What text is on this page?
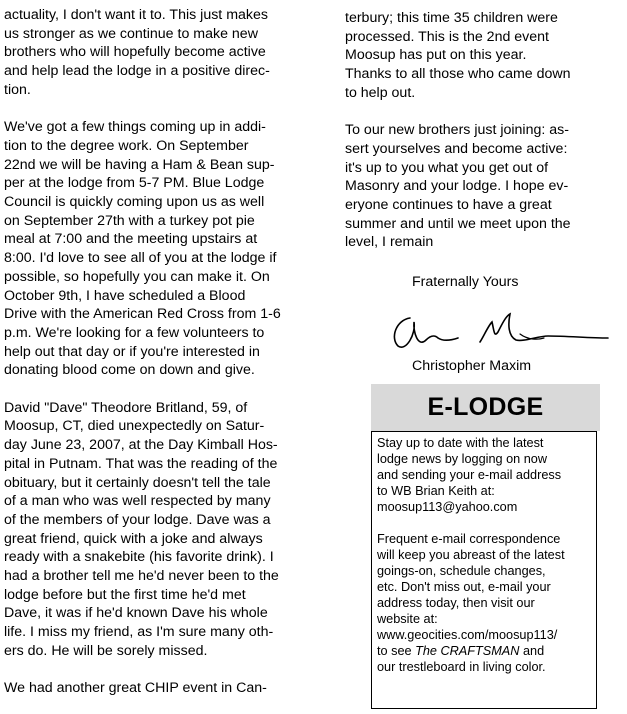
actuality, I don't want it to. This just makes
us stronger as we continue to make new
brothers who will hopefully become active
and help lead the lodge in a positive direc-
tion.

We've got a few things coming up in addi-
tion to the degree work. On September
22nd we will be having a Ham & Bean sup-
per at the lodge from 5-7 PM. Blue Lodge
Council is quickly coming upon us as well
on September 27th with a turkey pot pie
meal at 7:00 and the meeting upstairs at
8:00. I'd love to see all of you at the lodge if
possible, so hopefully you can make it. On
October 9th, I have scheduled a Blood
Drive with the American Red Cross from 1-6
p.m. We're looking for a few volunteers to
help out that day or if you're interested in
donating blood come on down and give.

David "Dave" Theodore Britland, 59, of
Moosup, CT, died unexpectedly on Satur-
day June 23, 2007, at the Day Kimball Hos-
pital in Putnam. That was the reading of the
obituary, but it certainly doesn't tell the tale
of a man who was well respected by many
of the members of your lodge. Dave was a
great friend, quick with a joke and always
ready with a snakebite (his favorite drink). I
had a brother tell me he'd never been to the
lodge before but the first time he'd met
Dave, it was if he'd known Dave his whole
life. I miss my friend, as I'm sure many oth-
ers do. He will be sorely missed.

We had another great CHIP event in Can-

terbury; this time 35 children were
processed. This is the 2nd event
Moosup has put on this year.
Thanks to all those who came down
to help out.

To our new brothers just joining: as-
sert yourselves and become active:
it's up to you what you get out of
Masonry and your lodge. I hope ev-
eryone continues to have a great
summer and until we meet upon the
level, I remain

Fraternally Yours
Christopher Maxim
E-LODGE

Stay up to date with the latest
lodge news by logging on now
and sending your e-mail address
to WB Brian Keith at:
moosup113@yahoo.com

Frequent e-mail correspondence
will keep you abreast of the latest
goings-on, schedule changes,
etc. Don't miss out, e-mail your
address today, then visit our
website at:
www.geocities.com/moosup113/
to see The CRAFTSMAN and
our trestleboard in living color.
